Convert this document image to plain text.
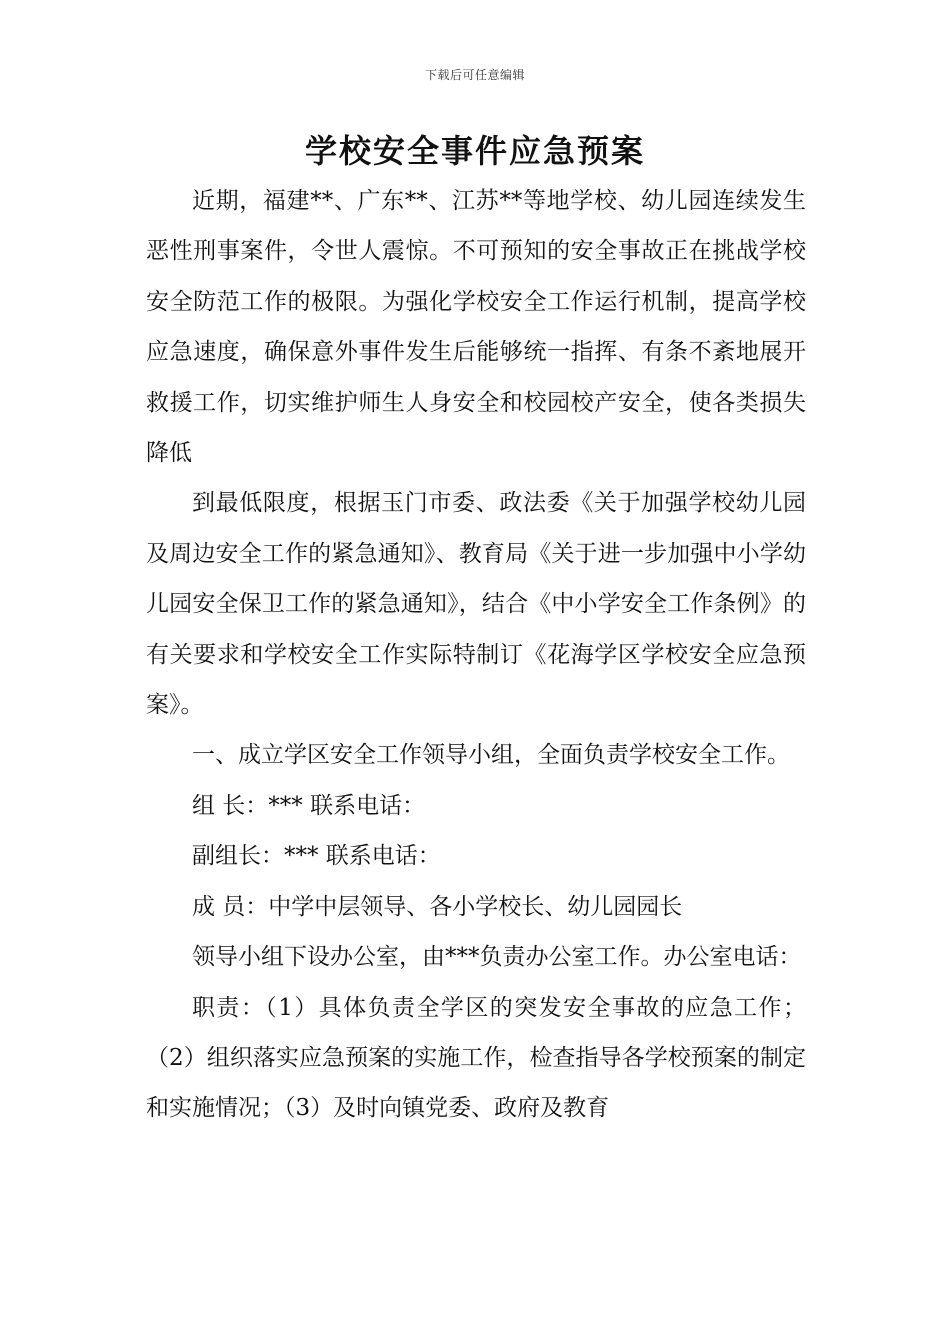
下载后可任意编辑
学校安全事件应急预案

近期，福建**、广东**、江苏**等地学校、幼儿园连续发生恶性刑事案件，令世人震惊。不可预知的安全事故正在挑战学校安全防范工作的极限。为强化学校安全工作运行机制，提高学校应急速度，确保意外事件发生后能够统一指挥、有条不紊地展开救援工作，切实维护师生人身安全和校园校产安全，使各类损失降低

到最低限度，根据玉门市委、政法委《关于加强学校幼儿园及周边安全工作的紧急通知》、教育局《关于进一步加强中小学幼儿园安全保卫工作的紧急通知》，结合《中小学安全工作条例》的有关要求和学校安全工作实际特制订《花海学区学校安全应急预案》。

一、成立学区安全工作领导小组，全面负责学校安全工作。

组 长：*** 联系电话：

副组长：*** 联系电话：

成 员：中学中层领导、各小学校长、幼儿园园长

领导小组下设办公室，由***负责办公室工作。办公室电话：

职责：（1）具体负责全学区的突发安全事故的应急工作；（2）组织落实应急预案的实施工作，检查指导各学校预案的制定和实施情况；（3）及时向镇党委、政府及教育
